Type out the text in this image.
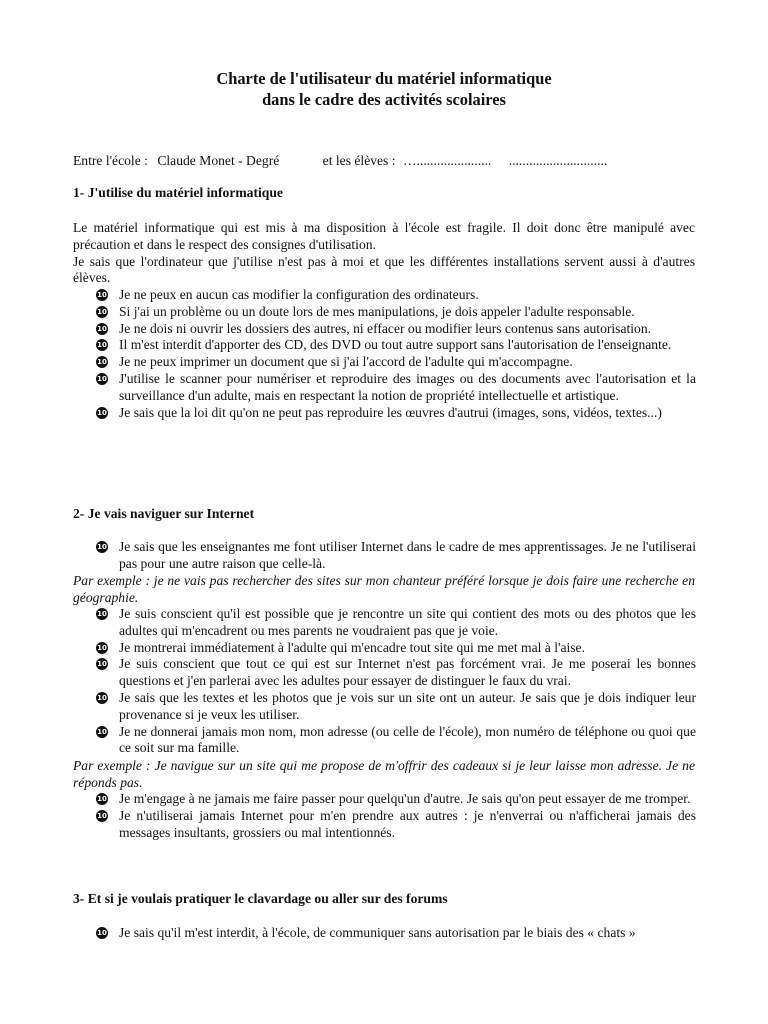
Charte de l'utilisateur du matériel informatique
dans le cadre des activités scolaires
Entre l'école : Claude Monet - Degré	et les élèves : …...................... .............................
1- J'utilise du matériel informatique
Le matériel informatique qui est mis à ma disposition à l'école est fragile. Il doit donc être manipulé avec précaution et dans le respect des consignes d'utilisation.
Je sais que l'ordinateur que j'utilise n'est pas à moi et que les différentes installations servent aussi à d'autres élèves.
10 Je ne peux en aucun cas modifier la configuration des ordinateurs.
10 Si j'ai un problème ou un doute lors de mes manipulations, je dois appeler l'adulte responsable.
10 Je ne dois ni ouvrir les dossiers des autres, ni effacer ou modifier leurs contenus sans autorisation.
10 Il m'est interdit d'apporter des CD, des DVD ou tout autre support sans l'autorisation de l'enseignante.
10 Je ne peux imprimer un document que si j'ai l'accord de l'adulte qui m'accompagne.
10 J'utilise le scanner pour numériser et reproduire des images ou des documents avec l'autorisation et la surveillance d'un adulte, mais en respectant la notion de propriété intellectuelle et artistique.
10 Je sais que la loi dit qu'on ne peut pas reproduire les œuvres d'autrui (images, sons, vidéos, textes...)
2- Je vais naviguer sur Internet
10 Je sais que les enseignantes me font utiliser Internet dans le cadre de mes apprentissages. Je ne l'utiliserai pas pour une autre raison que celle-là.
Par exemple : je ne vais pas rechercher des sites sur mon chanteur préféré lorsque je dois faire une recherche en géographie.
10 Je suis conscient qu'il est possible que je rencontre un site qui contient des mots ou des photos que les adultes qui m'encadrent ou mes parents ne voudraient pas que je voie.
10 Je montrerai immédiatement à l'adulte qui m'encadre tout site qui me met mal à l'aise.
10 Je suis conscient que tout ce qui est sur Internet n'est pas forcément vrai. Je me poserai les bonnes questions et j'en parlerai avec les adultes pour essayer de distinguer le faux du vrai.
10 Je sais que les textes et les photos que je vois sur un site ont un auteur. Je sais que je dois indiquer leur provenance si je veux les utiliser.
10 Je ne donnerai jamais mon nom, mon adresse (ou celle de l'école), mon numéro de téléphone ou quoi que ce soit sur ma famille.
Par exemple : Je navigue sur un site qui me propose de m'offrir des cadeaux si je leur laisse mon adresse. Je ne réponds pas.
10 Je m'engage à ne jamais me faire passer pour quelqu'un d'autre. Je sais qu'on peut essayer de me tromper.
10 Je n'utiliserai jamais Internet pour m'en prendre aux autres : je n'enverrai ou n'afficherai jamais des messages insultants, grossiers ou mal intentionnés.
3- Et si je voulais pratiquer le clavardage ou aller sur des forums
10 Je sais qu'il m'est interdit, à l'école, de communiquer sans autorisation par le biais des « chats »
